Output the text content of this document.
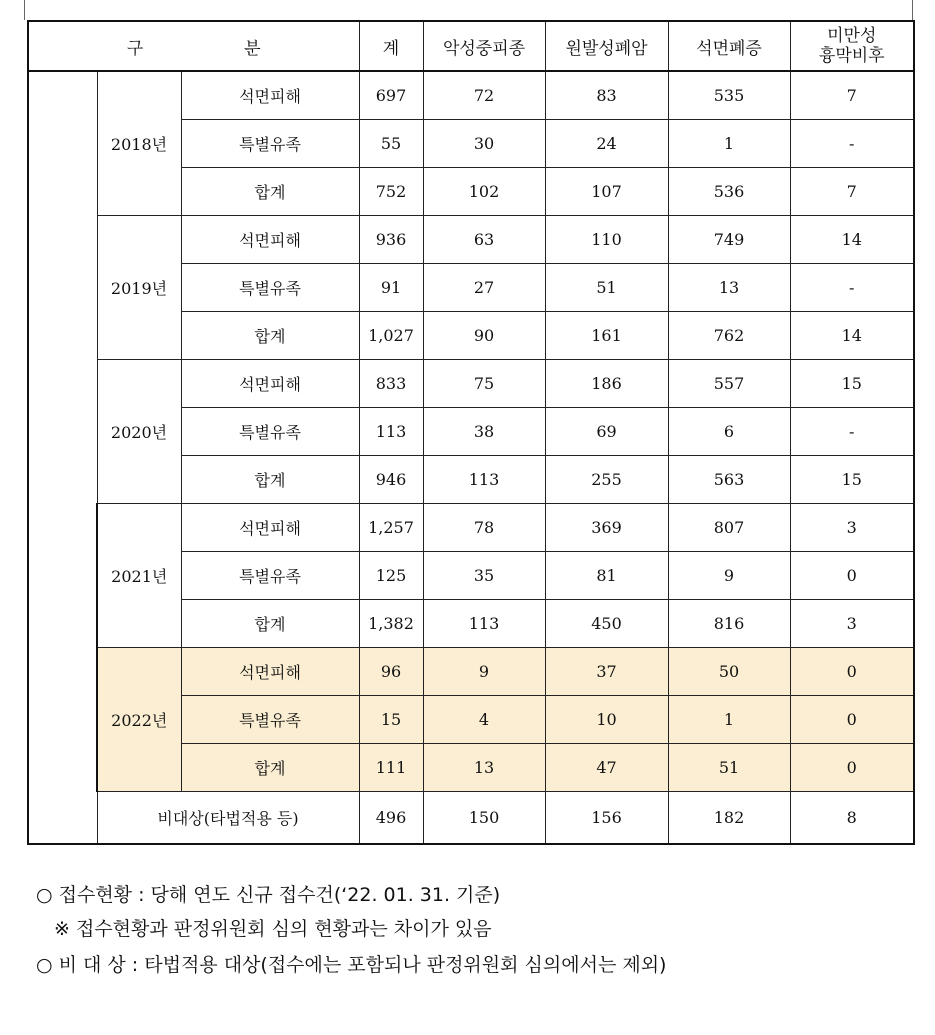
구 분			계	악성중피종	원발성폐암	석면폐증	미만성
흉막비후
	2018년	석면피해	697	72	83	535	7
		특별유족	55	30	24	1	-
		합계	752	102	107	536	7
	2019년	석면피해	936	63	110	749	14
		특별유족	91	27	51	13	-
		합계	1,027	90	161	762	14
	2020년	석면피해	833	75	186	557	15
		특별유족	113	38	69	6	-
		합계	946	113	255	563	15
	2021년	석면피해	1,257	78	369	807	3
		특별유족	125	35	81	9	0
		합계	1,382	113	450	816	3
	2022년	석면피해	96	9	37	50	0
		특별유족	15	4	10	1	0
		합계	111	13	47	51	0
	비대상(타법적용 등)		496	150	156	182	8
○ 접수현황 : 당해 연도 신규 접수건(‘22. 01. 31. 기준)
※ 접수현황과 판정위원회 심의 현황과는 차이가 있음
○ 비 대 상 : 타법적용 대상(접수에는 포함되나 판정위원회 심의에서는 제외)
